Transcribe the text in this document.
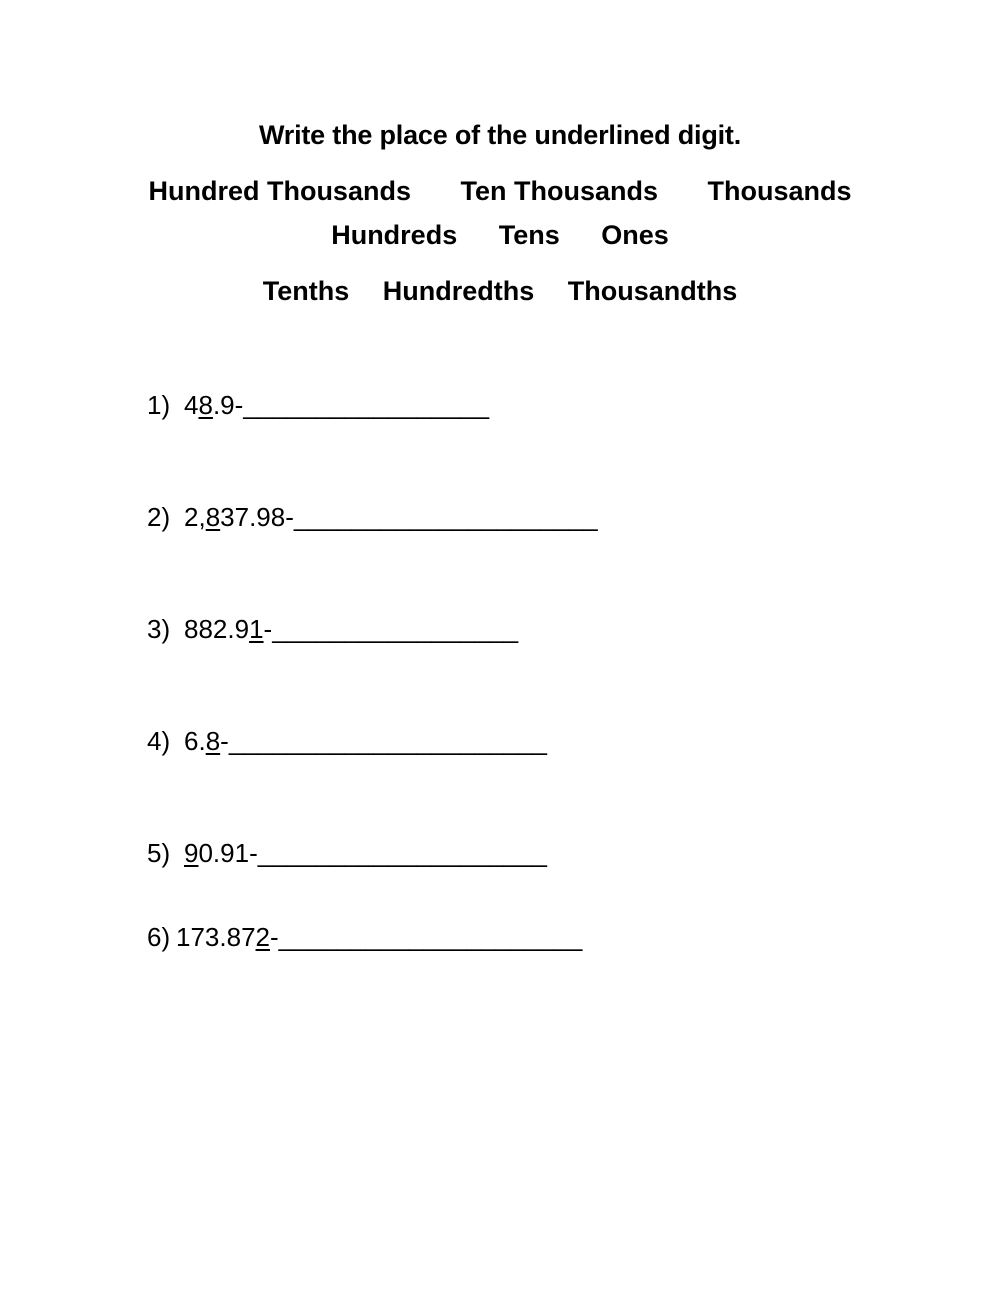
Write the place of the underlined digit.
Hundred Thousands Ten Thousands Thousands
Hundreds Tens Ones
Tenths Hundredths Thousandths
1) 48.9-_________________
2) 2,837.98-_____________________
3) 882.91-_________________
4) 6.8-______________________
5) 90.91-____________________
6) 173.872-_____________________
